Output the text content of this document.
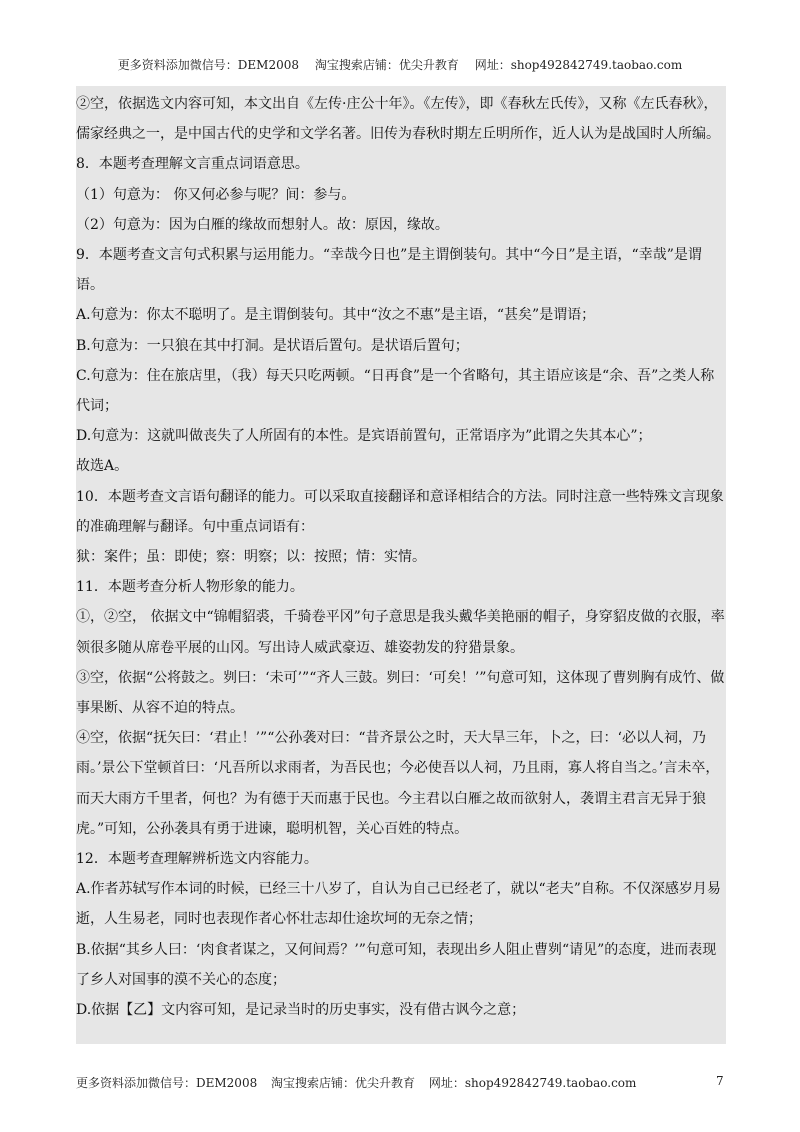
更多资料添加微信号：DEM2008 淘宝搜索店铺：优尖升教育 网址：shop492842749.taobao.com

②空，依据选文内容可知，本文出自《左传·庄公十年》。《左传》，即《春秋左氏传》，又称《左氏春秋》，儒家经典之一，是中国古代的史学和文学名著。旧传为春秋时期左丘明所作，近人认为是战国时人所编。

8．本题考查理解文言重点词语意思。

（1）句意为： 你又何必参与呢？间：参与。

（2）句意为：因为白雁的缘故而想射人。故：原因，缘故。

9．本题考查文言句式积累与运用能力。“幸哉今日也”是主谓倒装句。其中“今日”是主语，“幸哉”是谓语。

A.句意为：你太不聪明了。是主谓倒装句。其中“汝之不惠”是主语，“甚矣”是谓语；

B.句意为：一只狼在其中打洞。是状语后置句。是状语后置句；

C.句意为：住在旅店里，（我）每天只吃两顿。“日再食”是一个省略句，其主语应该是“余、吾”之类人称代词；

D.句意为：这就叫做丧失了人所固有的本性。是宾语前置句，正常语序为”此谓之失其本心”；

故选A。

10．本题考查文言语句翻译的能力。可以采取直接翻译和意译相结合的方法。同时注意一些特殊文言现象的准确理解与翻译。句中重点词语有：

狱：案件；虽：即使；察：明察；以：按照；情：实情。

11．本题考查分析人物形象的能力。

①，②空， 依据文中“锦帽貂裘，千骑卷平冈”句子意思是我头戴华美艳丽的帽子，身穿貂皮做的衣服，率领很多随从席卷平展的山冈。写出诗人威武豪迈、雄姿勃发的狩猎景象。

③空，依据“公将鼓之。刿曰：‘未可’”“齐人三鼓。刿曰：‘可矣！’”句意可知，这体现了曹刿胸有成竹、做事果断、从容不迫的特点。

④空，依据“抚矢曰：‘君止！’”“公孙袭对曰：“昔齐景公之时，天大旱三年，卜之，曰：‘必以人祠，乃雨。’景公下堂顿首曰：‘凡吾所以求雨者，为吾民也；今必使吾以人祠，乃且雨，寡人将自当之。’言未卒，而天大雨方千里者，何也？为有德于天而惠于民也。今主君以白雁之故而欲射人，袭谓主君言无异于狼虎。”可知，公孙袭具有勇于进谏，聪明机智，关心百姓的特点。

12．本题考查理解辨析选文内容能力。

A.作者苏轼写作本词的时候，已经三十八岁了，自认为自己已经老了，就以“老夫”自称。不仅深感岁月易逝，人生易老，同时也表现作者心怀壮志却仕途坎坷的无奈之情；

B.依据“其乡人曰：‘肉食者谋之，又何间焉？’”句意可知，表现出乡人阻止曹刿“请见”的态度，进而表现了乡人对国事的漠不关心的态度；

D.依据【乙】文内容可知，是记录当时的历史事实，没有借古讽今之意；

更多资料添加微信号：DEM2008 淘宝搜索店铺：优尖升教育 网址：shop492842749.taobao.com	7
